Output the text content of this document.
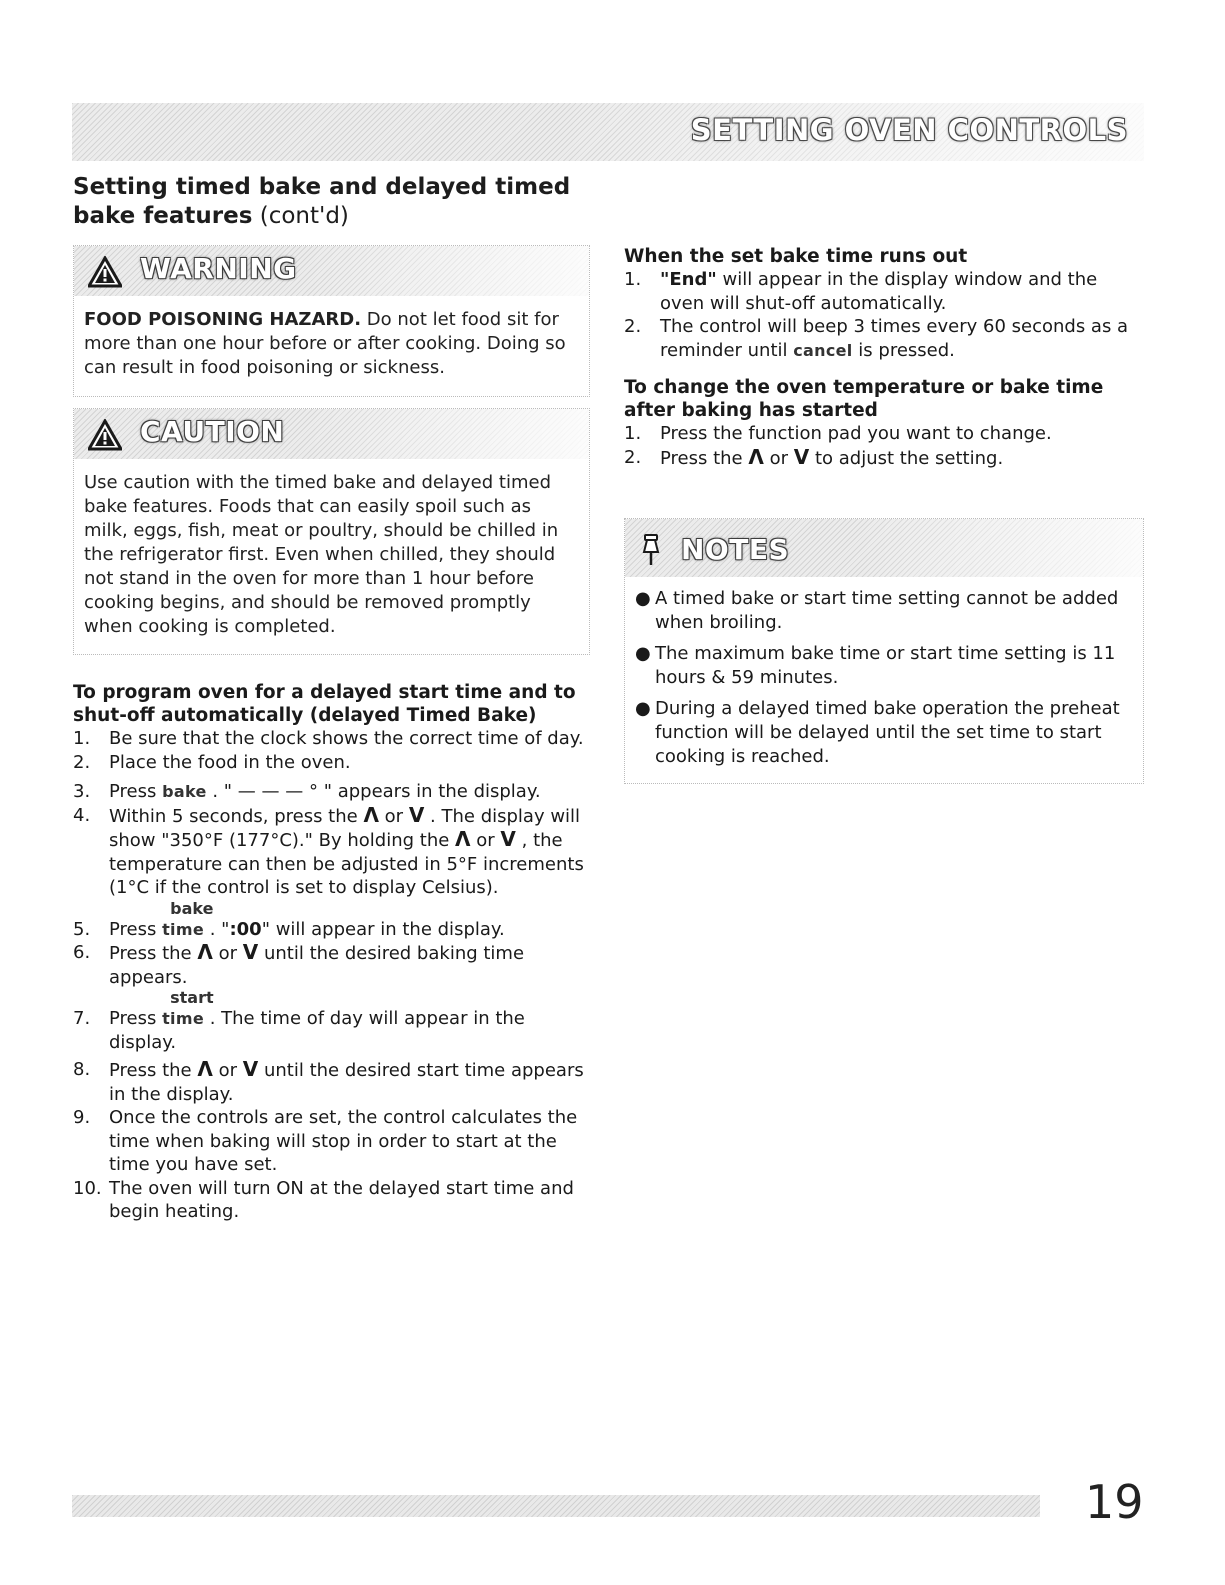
SETTING OVEN CONTROLS
Setting timed bake and delayed timed bake features (cont'd)
WARNING
FOOD POISONING HAZARD. Do not let food sit for more than one hour before or after cooking. Doing so can result in food poisoning or sickness.
CAUTION
Use caution with the timed bake and delayed timed bake features. Foods that can easily spoil such as milk, eggs, fish, meat or poultry, should be chilled in the refrigerator first. Even when chilled, they should not stand in the oven for more than 1 hour before cooking begins, and should be removed promptly when cooking is completed.
To program oven for a delayed start time and to shut-off automatically (delayed Timed Bake)
1. Be sure that the clock shows the correct time of day.
2. Place the food in the oven.
3. Press bake . " — — — ° " appears in the display.
4. Within 5 seconds, press the Λ or V . The display will show "350°F (177°C)." By holding the Λ or V , the temperature can then be adjusted in 5°F increments (1°C if the control is set to display Celsius).
5. Press
bake
time . ":00" will appear in the display.
6. Press the Λ or V until the desired baking time appears.
7. Press
start
time . The time of day will appear in the display.
8. Press the Λ or V until the desired start time appears in the display.
9. Once the controls are set, the control calculates the time when baking will stop in order to start at the time you have set.
10. The oven will turn ON at the delayed start time and begin heating.
When the set bake time runs out
1. "End" will appear in the display window and the oven will shut-off automatically.
2. The control will beep 3 times every 60 seconds as a reminder until cancel is pressed.
To change the oven temperature or bake time after baking has started
1. Press the function pad you want to change.
2. Press the Λ or V to adjust the setting.
NOTES
● A timed bake or start time setting cannot be added when broiling.
● The maximum bake time or start time setting is 11 hours & 59 minutes.
● During a delayed timed bake operation the preheat function will be delayed until the set time to start cooking is reached.
19
